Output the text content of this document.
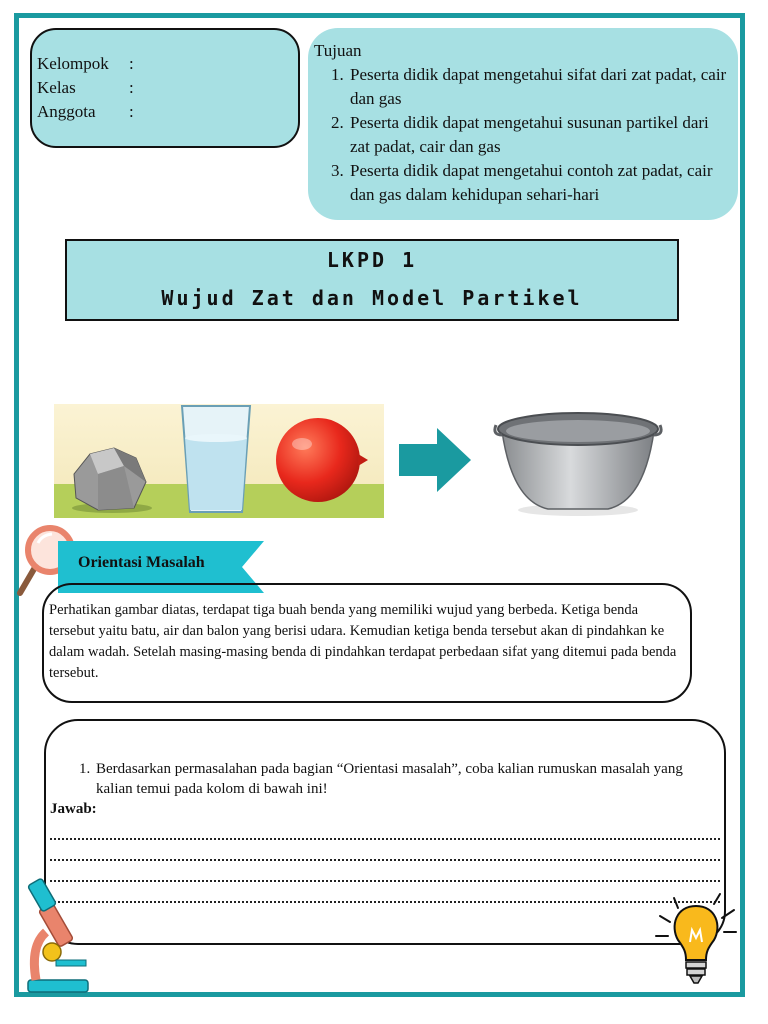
Kelompok	:
Kelas	:
Anggota	:
Tujuan
1. Peserta didik dapat mengetahui sifat dari zat padat, cair dan gas
2. Peserta didik dapat mengetahui susunan partikel dari zat padat, cair dan gas
3. Peserta didik dapat mengetahui contoh zat padat, cair dan gas dalam kehidupan sehari-hari
LKPD 1
Wujud Zat dan Model Partikel
Orientasi Masalah
Perhatikan gambar diatas, terdapat tiga buah benda yang memiliki wujud yang berbeda. Ketiga benda tersebut yaitu batu, air dan balon yang berisi udara. Kemudian ketiga benda tersebut akan di pindahkan ke dalam wadah. Setelah masing-masing benda di pindahkan terdapat perbedaan sifat yang ditemui pada benda tersebut.
1. Berdasarkan permasalahan pada bagian “Orientasi masalah”, coba kalian rumuskan masalah yang kalian temui pada kolom di bawah ini!
Jawab:
